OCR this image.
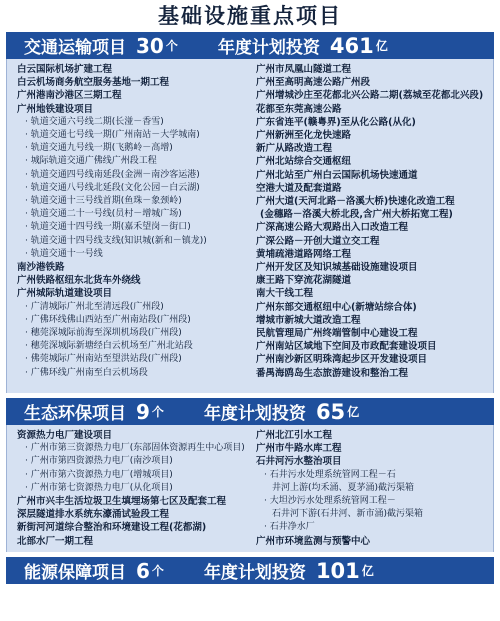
基础设施重点项目
交通运输项目 30 个 年度计划投资 461 亿
白云国际机场扩建工程
白云机场商务航空服务基地一期工程
广州港南沙港区三期工程
广州地铁建设项目
· 轨道交通六号线二期(长湴－香雪)
· 轨道交通七号线一期(广州南站－大学城南)
· 轨道交通九号线一期(飞鹅岭－高增)
· 城际轨道交通广佛线广州段工程
· 轨道交通四号线南延段(金洲－南沙客运港)
· 轨道交通八号线北延段(文化公园－白云湖)
· 轨道交通十三号线首期(鱼珠－象颈岭)
· 轨道交通二十一号线(员村－增城广场)
· 轨道交通十四号线一期(嘉禾望岗－街口)
· 轨道交通十四号线支线(知识城(新和－镇龙))
· 轨道交通十一号线
南沙港铁路
广州铁路枢纽东北货车外绕线
广州城际轨道建设项目
· 广清城际广州北至清远段(广州段)
· 广佛环线佛山西站至广州南站段(广州段)
· 穗莞深城际前海至深圳机场段(广州段)
· 穗莞深城际新塘经白云机场至广州北站段
· 佛莞城际广州南站至望洪站段(广州段)
· 广佛环线广州南至白云机场段
广州市凤凰山隧道工程
广州至高明高速公路广州段
广州增城沙庄至花都北兴公路二期(荔城至花都北兴段)
花都至东莞高速公路
广东省连平(赣粤界)至从化公路(从化)
广州新洲至化龙快速路
新广从路改造工程
广州北站综合交通枢纽
广州北站至广州白云国际机场快速通道
空港大道及配套道路
广州大道(天河北路－洛溪大桥)快速化改造工程
(金穗路－洛溪大桥北段,含广州大桥拓宽工程)
广深高速公路大观路出入口改造工程
广深公路－开创大道立交工程
黄埔疏港道路网络工程
广州开发区及知识城基础设施建设项目
康王路下穿流花湖隧道
南大干线工程
广州东部交通枢纽中心(新塘站综合体)
增城市新城大道改造工程
民航管理局广州终端管制中心建设工程
广州南站区域地下空间及市政配套建设项目
广州南沙新区明珠湾起步区开发建设项目
番禺海鸥岛生态旅游建设和整治工程
生态环保项目 9 个 年度计划投资 65 亿
资源热力电厂建设项目
· 广州市第三资源热力电厂(东部固体资源再生中心项目)
· 广州市第四资源热力电厂(南沙项目)
· 广州市第六资源热力电厂(增城项目)
· 广州市第七资源热力电厂(从化项目)
广州市兴丰生活垃圾卫生填埋场第七区及配套工程
深层隧道排水系统东濠涌试验段工程
新街河河道综合整治和环境建设工程(花都湖)
北部水厂一期工程
广州北江引水工程
广州市牛路水库工程
石井河污水整治项目
· 石井污水处理系统管网工程－石
井河上游(均禾涌、夏茅涌)截污渠箱
· 大坦沙污水处理系统管网工程－
石井河下游(石井河、新市涌)截污渠箱
· 石井净水厂
广州市环境监测与预警中心
能源保障项目 6 个 年度计划投资 101 亿
